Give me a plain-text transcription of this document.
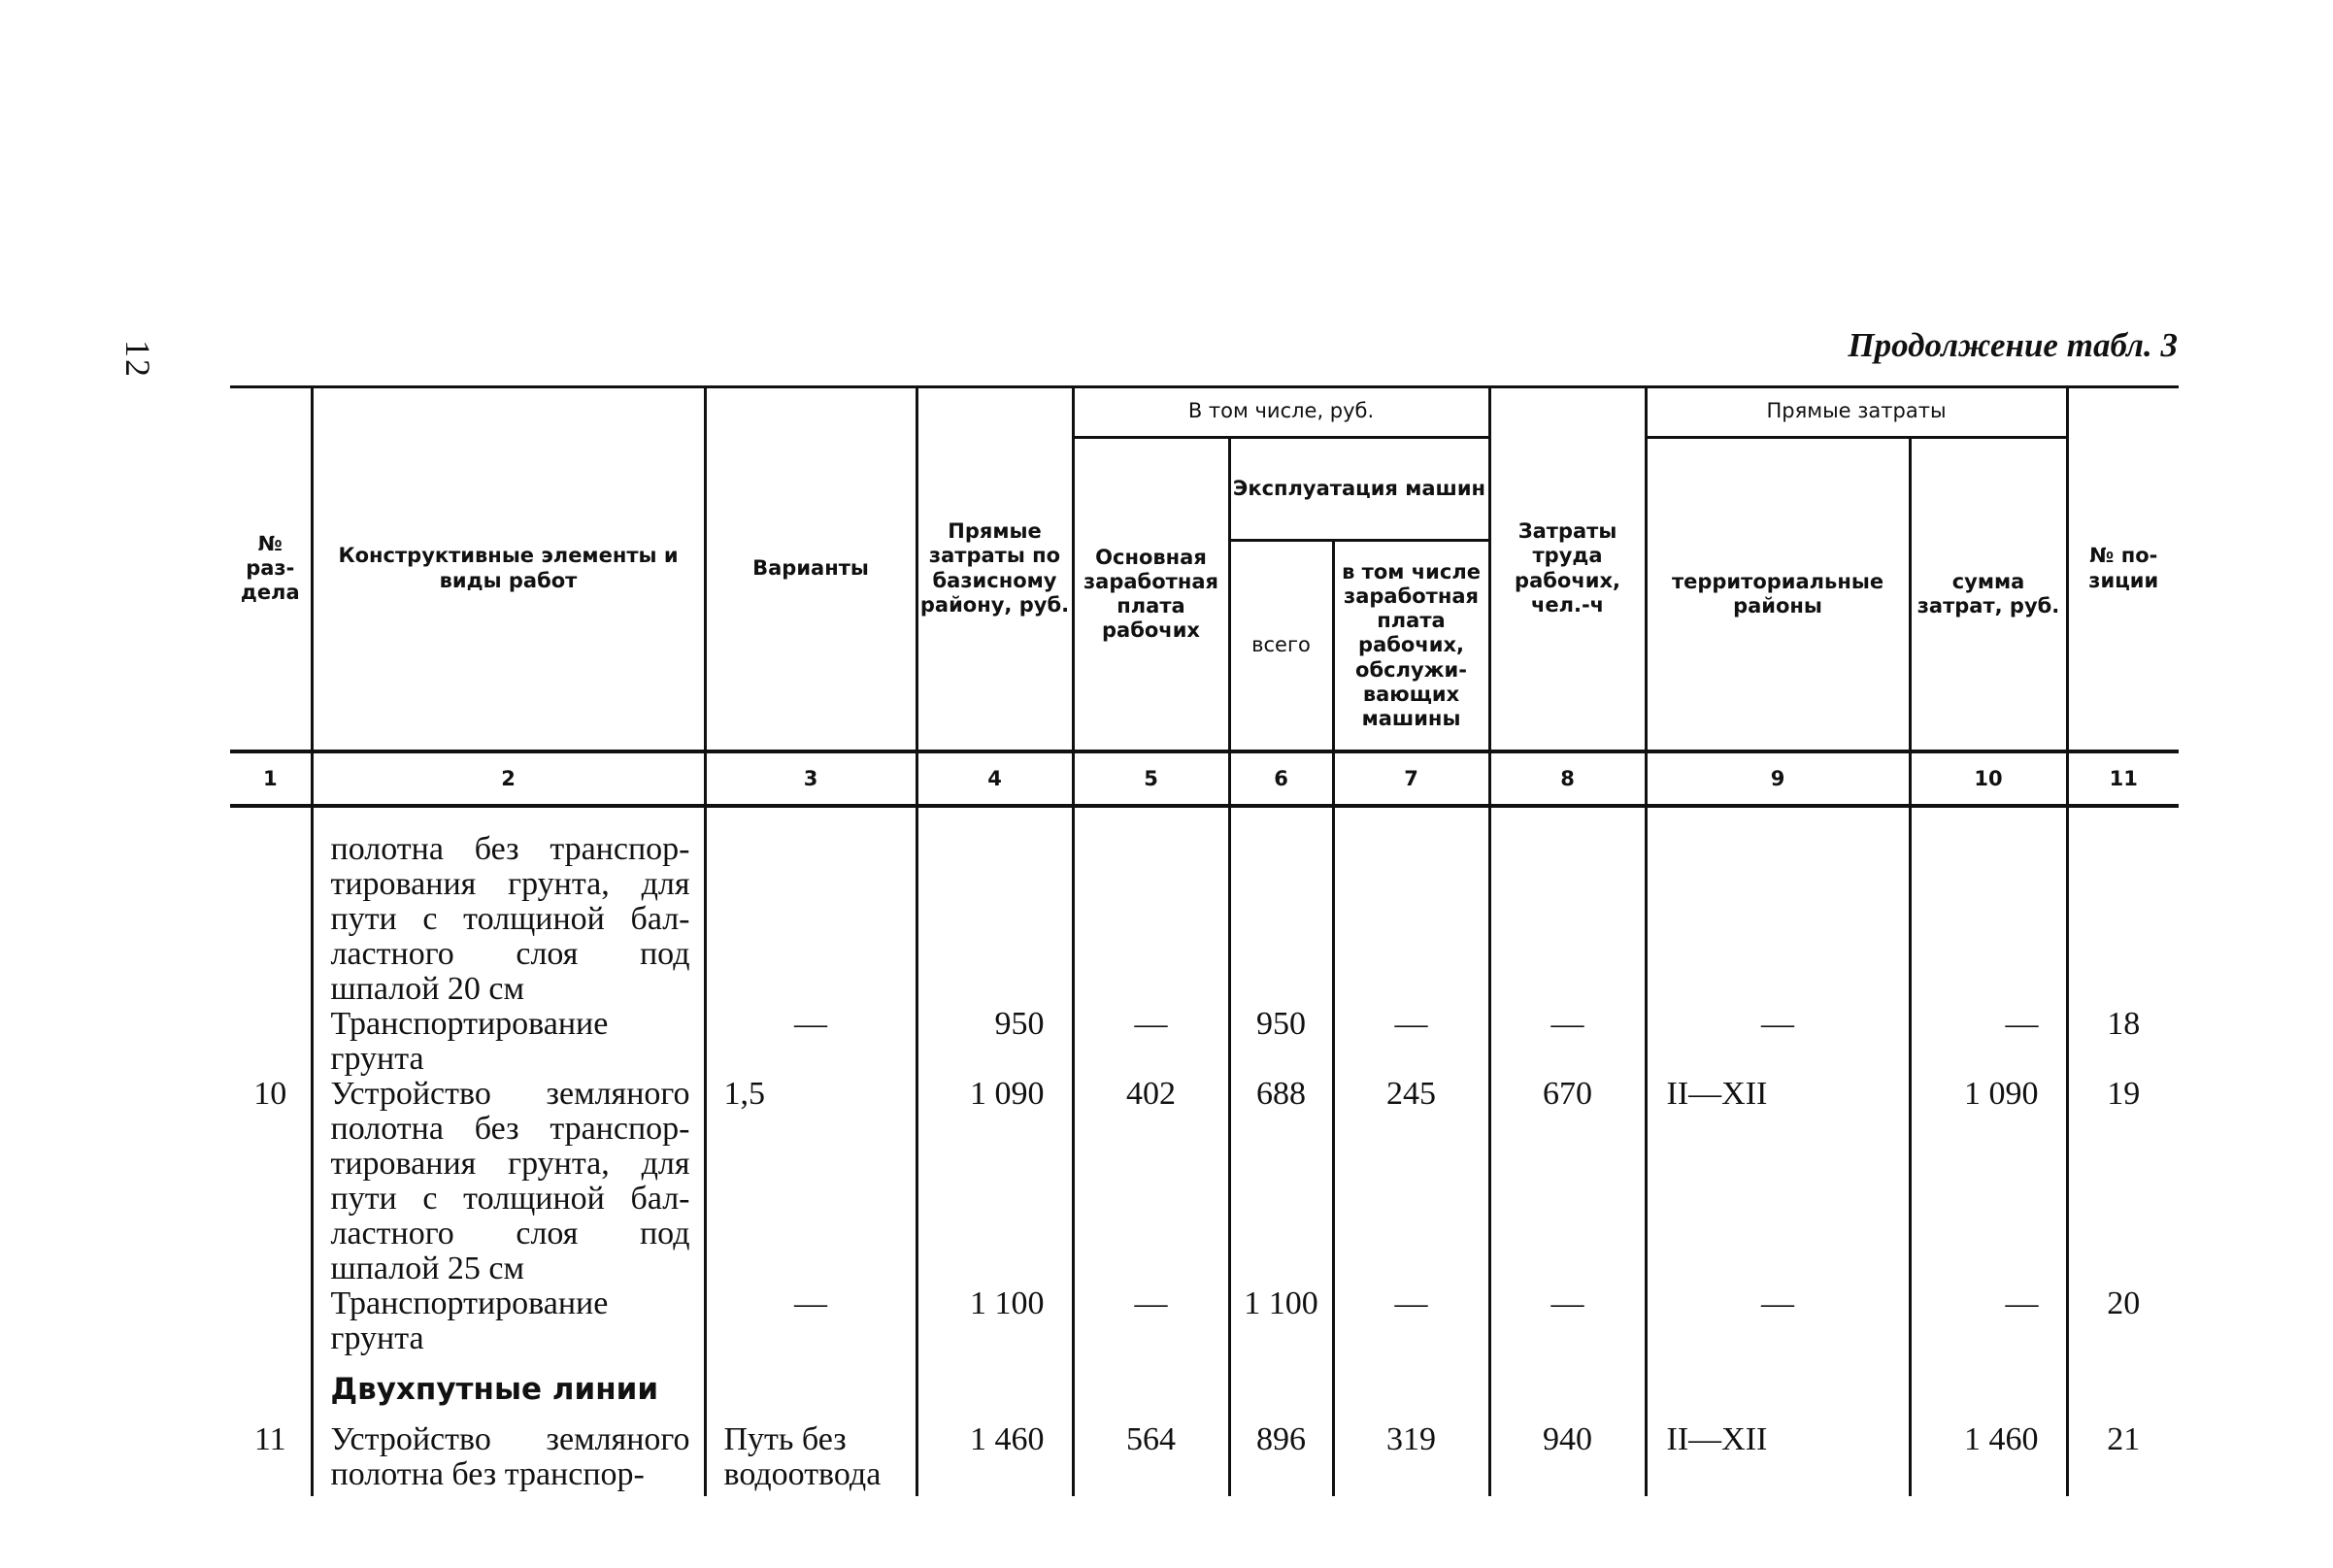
12	Продолжение табл. 3
№ раз-дела	Конструктивные элементы и виды работ	Варианты	Прямые затраты по базисному району, руб.	В том числе, руб.			Затраты труда рабочих, чел.-ч	Прямые затраты		№ по-зиции
				Основная заработная плата рабочих	Эксплуатация машин			территориальные районы	сумма затрат, руб.	
					всего	в том числе заработная плата рабочих, обслужи-вающих машины				
1	2	3	4	5	6	7	8	9	10	11

	полотна без транспор-тирования грунта, для пути с толщиной бал-ластного слоя под шпалой 20 см									
	Транспортирование грунта	—	950	—	950	—	—	—	—	18
10	Устройство земляного полотна без транспор-тирования грунта, для пути с толщиной бал-ластного слоя под шпалой 25 см	1,5	1 090	402	688	245	670	II—XII	1 090	19
	Транспортирование грунта	—	1 100	—	1 100	—	—	—	—	20
	Двухпутные линии									
11	Устройство земляного полотна без транспор-	Путь без водоотвода	1 460	564	896	319	940	II—XII	1 460	21
